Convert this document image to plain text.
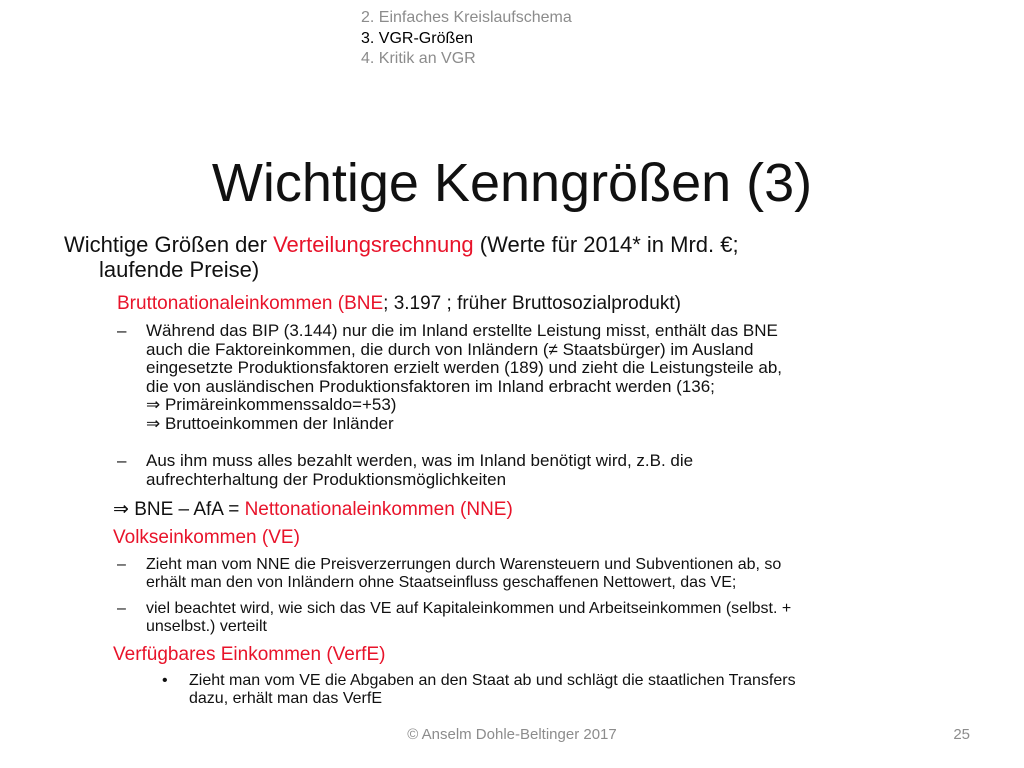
2. Einfaches Kreislaufschema
3. VGR-Größen
4. Kritik an VGR
Wichtige Kenngrößen (3)
Wichtige Größen der Verteilungsrechnung (Werte für 2014* in Mrd. €;
laufende Preise)
Bruttonationaleinkommen (BNE; 3.197 ; früher Bruttosozialprodukt)
– Während das BIP (3.144) nur die im Inland erstellte Leistung misst, enthält das BNE
auch die Faktoreinkommen, die durch von Inländern (≠ Staatsbürger) im Ausland
eingesetzte Produktionsfaktoren erzielt werden (189) und zieht die Leistungsteile ab,
die von ausländischen Produktionsfaktoren im Inland erbracht werden (136;
⇒ Primäreinkommenssaldo=+53)
⇒ Bruttoeinkommen der Inländer
– Aus ihm muss alles bezahlt werden, was im Inland benötigt wird, z.B. die
aufrechterhaltung der Produktionsmöglichkeiten
⇒ BNE – AfA = Nettonationaleinkommen (NNE)
Volkseinkommen (VE)
– Zieht man vom NNE die Preisverzerrungen durch Warensteuern und Subventionen ab, so
erhält man den von Inländern ohne Staatseinfluss geschaffenen Nettowert, das VE;
– viel beachtet wird, wie sich das VE auf Kapitaleinkommen und Arbeitseinkommen (selbst. +
unselbst.) verteilt
Verfügbares Einkommen (VerfE)
• Zieht man vom VE die Abgaben an den Staat ab und schlägt die staatlichen Transfers
dazu, erhält man das VerfE
© Anselm Dohle-Beltinger 2017	25
